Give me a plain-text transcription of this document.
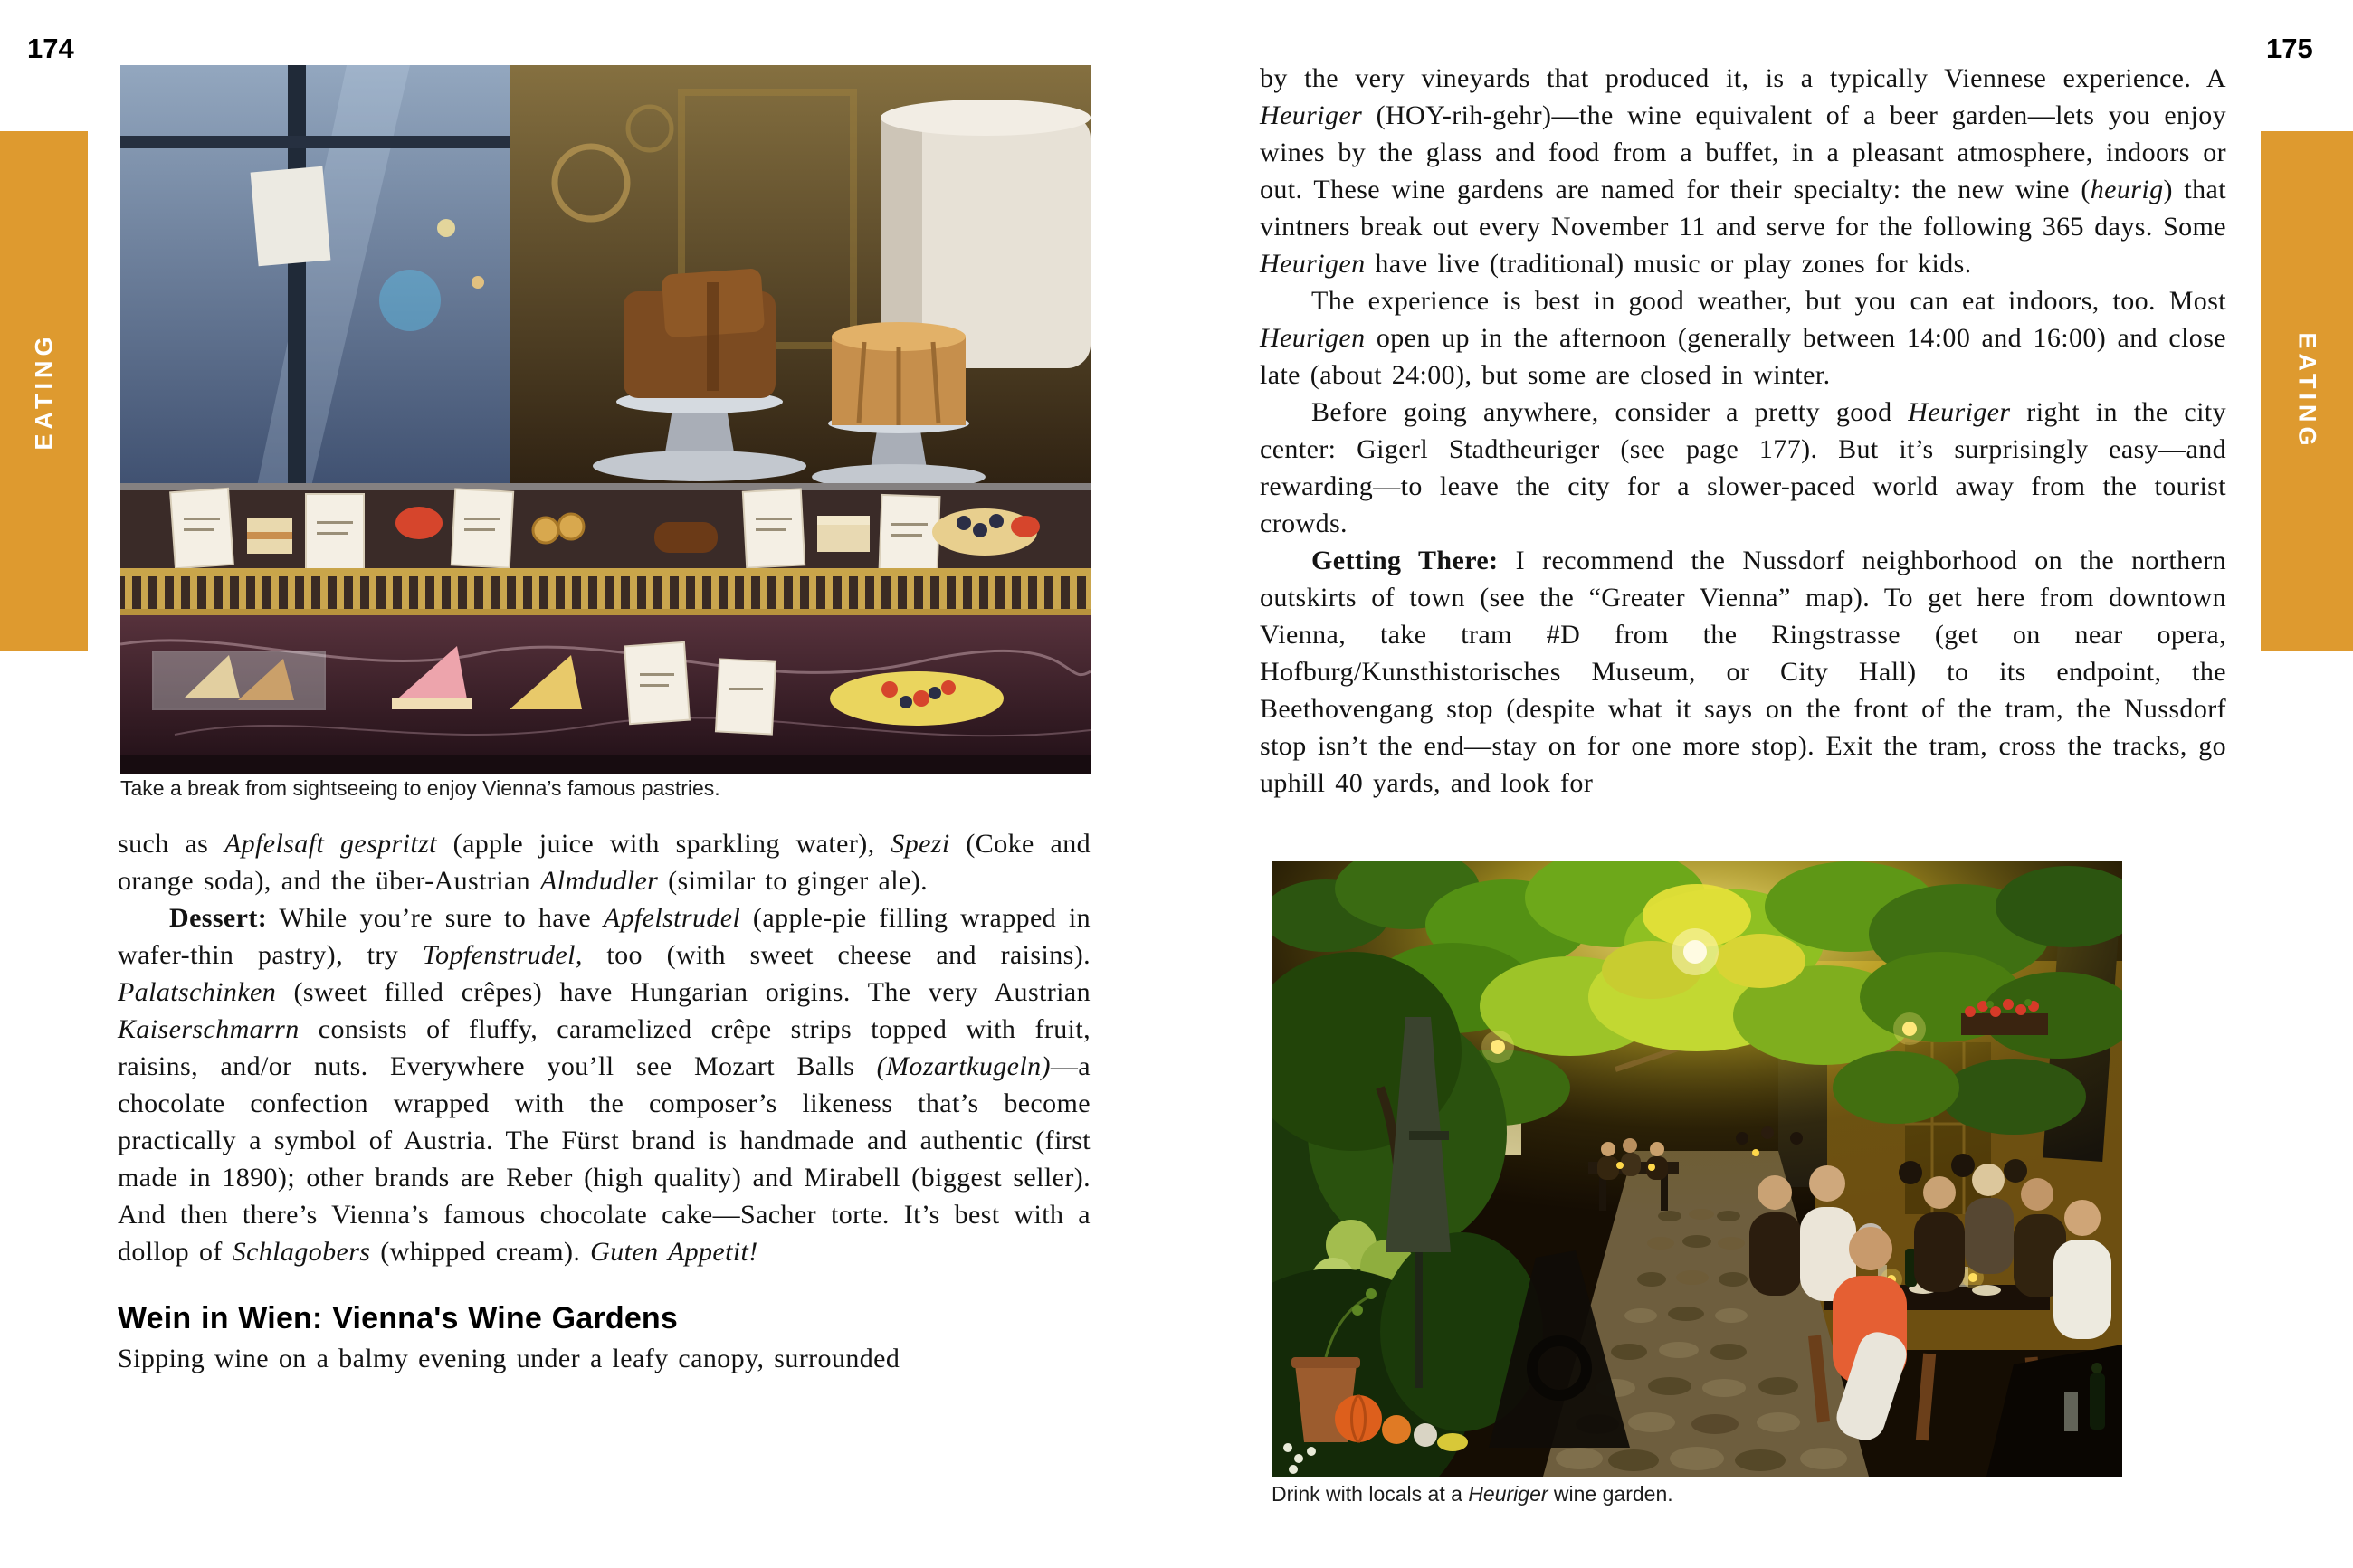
174	175
EATING	EATING
Take a break from sightseeing to enjoy Vienna’s famous pastries.

such as Apfelsaft gespritzt (apple juice with sparkling water), Spezi (Coke and orange soda), and the über-Austrian Almdudler (similar to ginger ale).

Dessert: While you’re sure to have Apfelstrudel (apple-pie filling wrapped in wafer-thin pastry), try Topfenstrudel, too (with sweet cheese and raisins). Palatschinken (sweet filled crêpes) have Hungarian origins. The very Austrian Kaiserschmarrn consists of fluffy, caramelized crêpe strips topped with fruit, raisins, and/or nuts. Everywhere you’ll see Mozart Balls (Mozartkugeln)—a chocolate confection wrapped with the composer’s likeness that’s become practically a symbol of Austria. The Fürst brand is handmade and authentic (first made in 1890); other brands are Reber (high quality) and Mirabell (biggest seller). And then there’s Vienna’s famous chocolate cake—Sacher torte. It’s best with a dollop of Schlagobers (whipped cream). Guten Appetit!

Wein in Wien: Vienna's Wine Gardens

Sipping wine on a balmy evening under a leafy canopy, surrounded

by the very vineyards that produced it, is a typically Viennese experience. A Heuriger (HOY-rih-gehr)—the wine equivalent of a beer garden—lets you enjoy wines by the glass and food from a buffet, in a pleasant atmosphere, indoors or out. These wine gardens are named for their specialty: the new wine (heurig) that vintners break out every November 11 and serve for the following 365 days. Some Heurigen have live (traditional) music or play zones for kids.

The experience is best in good weather, but you can eat indoors, too. Most Heurigen open up in the afternoon (generally between 14:00 and 16:00) and close late (about 24:00), but some are closed in winter.

Before going anywhere, consider a pretty good Heuriger right in the city center: Gigerl Stadtheuriger (see page 177). But it’s surprisingly easy—and rewarding—to leave the city for a slower-paced world away from the tourist crowds.

Getting There: I recommend the Nussdorf neighborhood on the northern outskirts of town (see the “Greater Vienna” map). To get here from downtown Vienna, take tram #D from the Ringstrasse (get on near opera, Hofburg/Kunsthistorisches Museum, or City Hall) to its endpoint, the Beethovengang stop (despite what it says on the front of the tram, the Nussdorf stop isn’t the end—stay on for one more stop). Exit the tram, cross the tracks, go uphill 40 yards, and look for

Drink with locals at a Heuriger wine garden.
